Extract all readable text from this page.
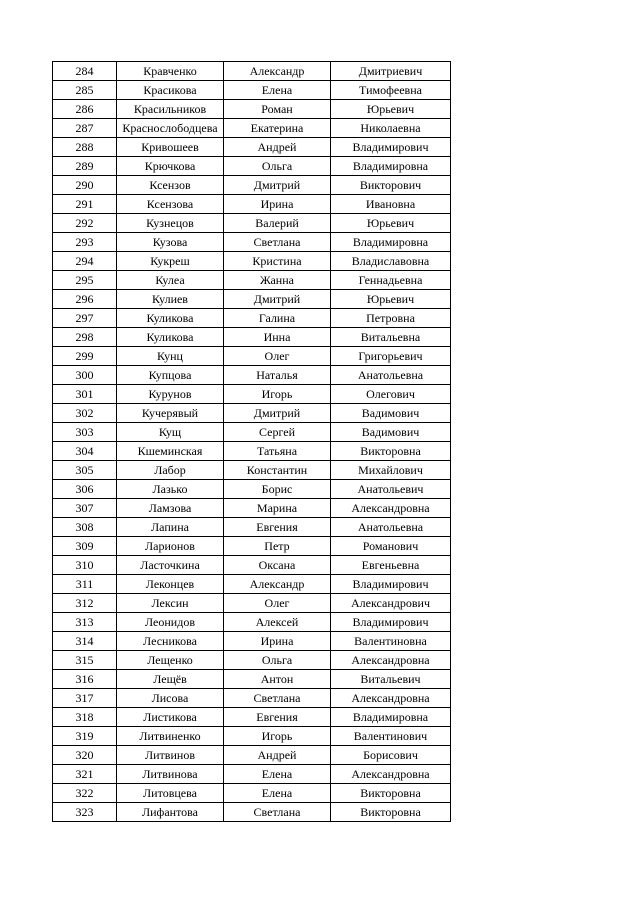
284	Кравченко	Александр	Дмитриевич
285	Красикова	Елена	Тимофеевна
286	Красильников	Роман	Юрьевич
287	Краснослободцева	Екатерина	Николаевна
288	Кривошеев	Андрей	Владимирович
289	Крючкова	Ольга	Владимировна
290	Ксензов	Дмитрий	Викторович
291	Ксензова	Ирина	Ивановна
292	Кузнецов	Валерий	Юрьевич
293	Кузова	Светлана	Владимировна
294	Кукреш	Кристина	Владиславовна
295	Кулеа	Жанна	Геннадьевна
296	Кулиев	Дмитрий	Юрьевич
297	Куликова	Галина	Петровна
298	Куликова	Инна	Витальевна
299	Кунц	Олег	Григорьевич
300	Купцова	Наталья	Анатольевна
301	Курунов	Игорь	Олегович
302	Кучерявый	Дмитрий	Вадимович
303	Кущ	Сергей	Вадимович
304	Кшеминская	Татьяна	Викторовна
305	Лабор	Константин	Михайлович
306	Лазько	Борис	Анатольевич
307	Ламзова	Марина	Александровна
308	Лапина	Евгения	Анатольевна
309	Ларионов	Петр	Романович
310	Ласточкина	Оксана	Евгеньевна
311	Леконцев	Александр	Владимирович
312	Лексин	Олег	Александрович
313	Леонидов	Алексей	Владимирович
314	Лесникова	Ирина	Валентиновна
315	Лещенко	Ольга	Александровна
316	Лещёв	Антон	Витальевич
317	Лисова	Светлана	Александровна
318	Листикова	Евгения	Владимировна
319	Литвиненко	Игорь	Валентинович
320	Литвинов	Андрей	Борисович
321	Литвинова	Елена	Александровна
322	Литовцева	Елена	Викторовна
323	Лифантова	Светлана	Викторовна
